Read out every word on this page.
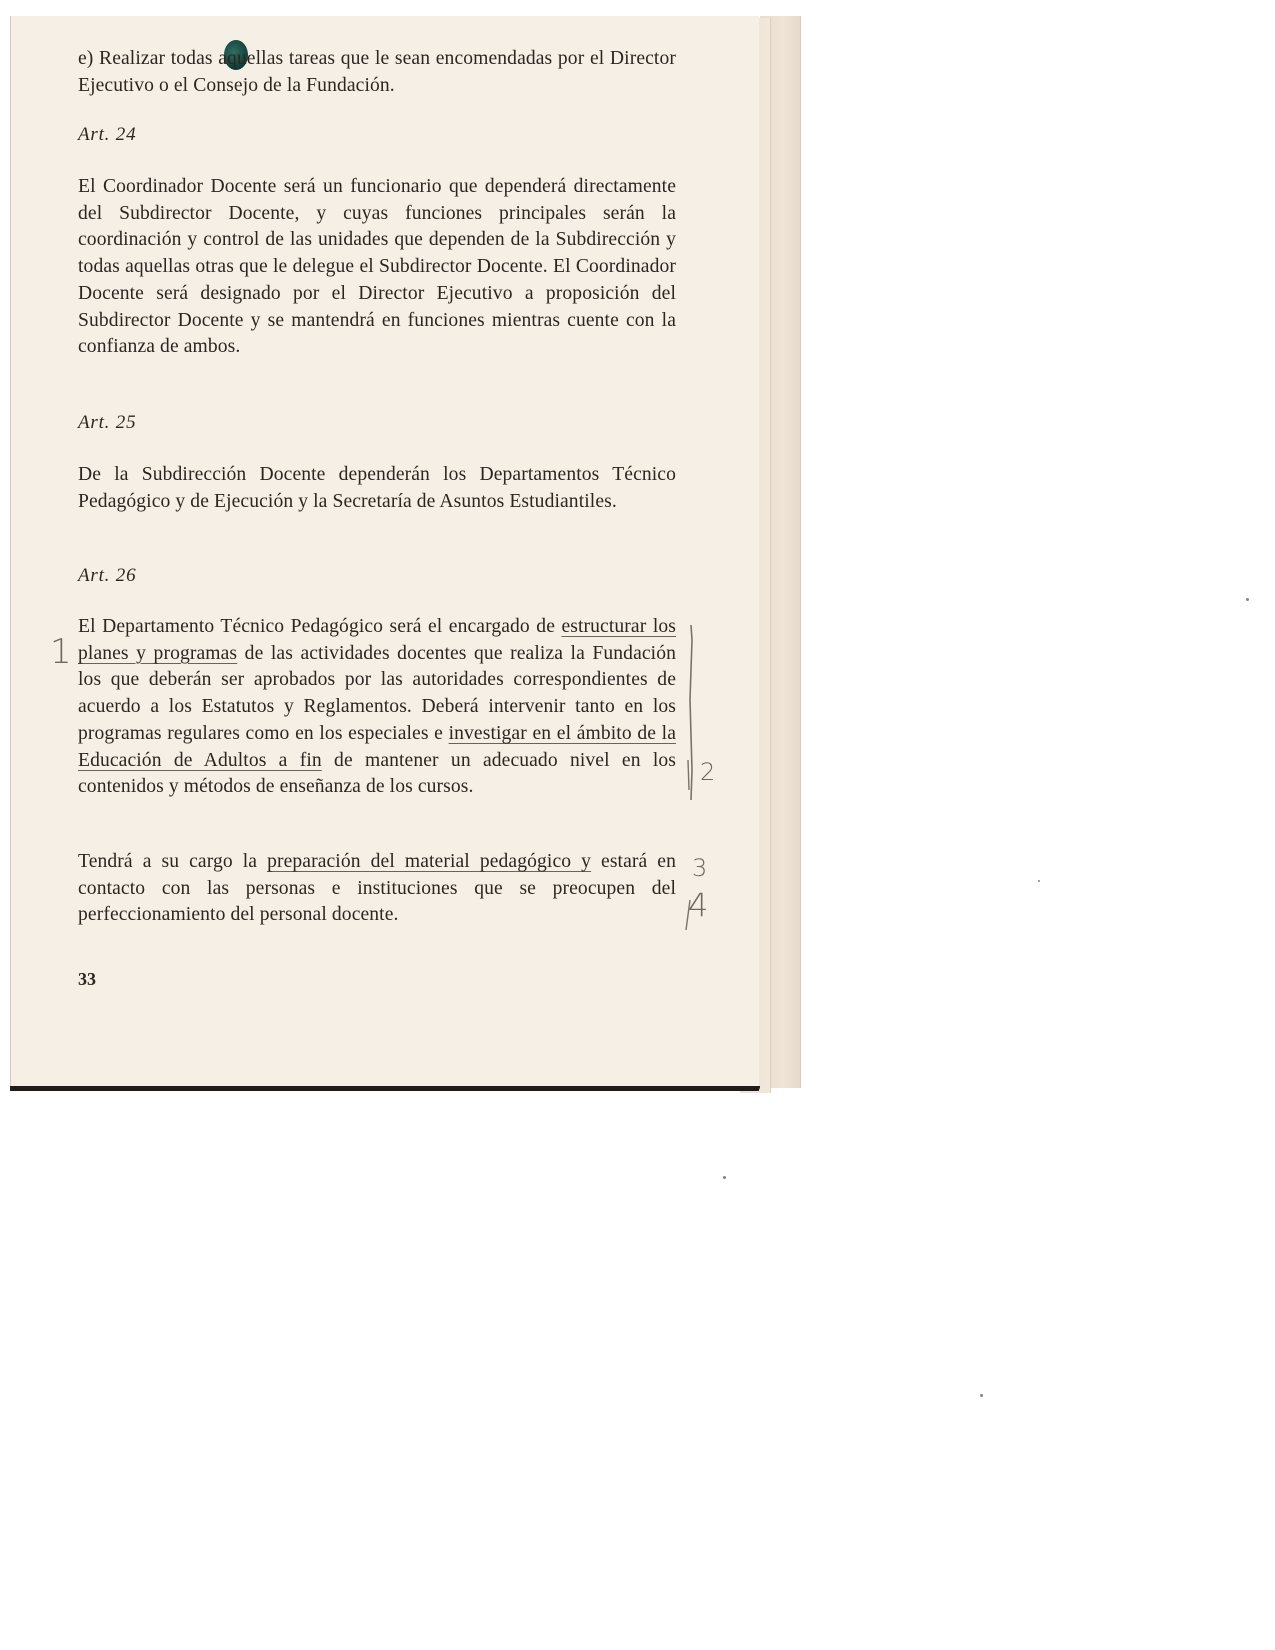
e) Realizar todas aquellas tareas que le sean encomendadas por el Director Ejecutivo o el Consejo de la Fundación.
Art. 24
El Coordinador Docente será un funcionario que dependerá directamente del Subdirector Docente, y cuyas funciones principales serán la coordinación y control de las unidades que dependen de la Subdirección y todas aquellas otras que le delegue el Subdirector Docente. El Coordinador Docente será designado por el Director Ejecutivo a proposición del Subdirector Docente y se mantendrá en funciones mientras cuente con la confianza de ambos.
Art. 25
De la Subdirección Docente dependerán los Departamentos Técnico Pedagógico y de Ejecución y la Secretaría de Asuntos Estudiantiles.
Art. 26
El Departamento Técnico Pedagógico será el encargado de estructurar los planes y programas de las actividades docentes que realiza la Fundación los que deberán ser aprobados por las autoridades correspondientes de acuerdo a los Estatutos y Reglamentos. Deberá intervenir tanto en los programas regulares como en los especiales e investigar en el ámbito de la Educación de Adultos a fin de mantener un adecuado nivel en los contenidos y métodos de enseñanza de los cursos.
Tendrá a su cargo la preparación del material pedagógico y estará en contacto con las personas e instituciones que se preocupen del perfeccionamiento del personal docente.
33
1
2
3
4
